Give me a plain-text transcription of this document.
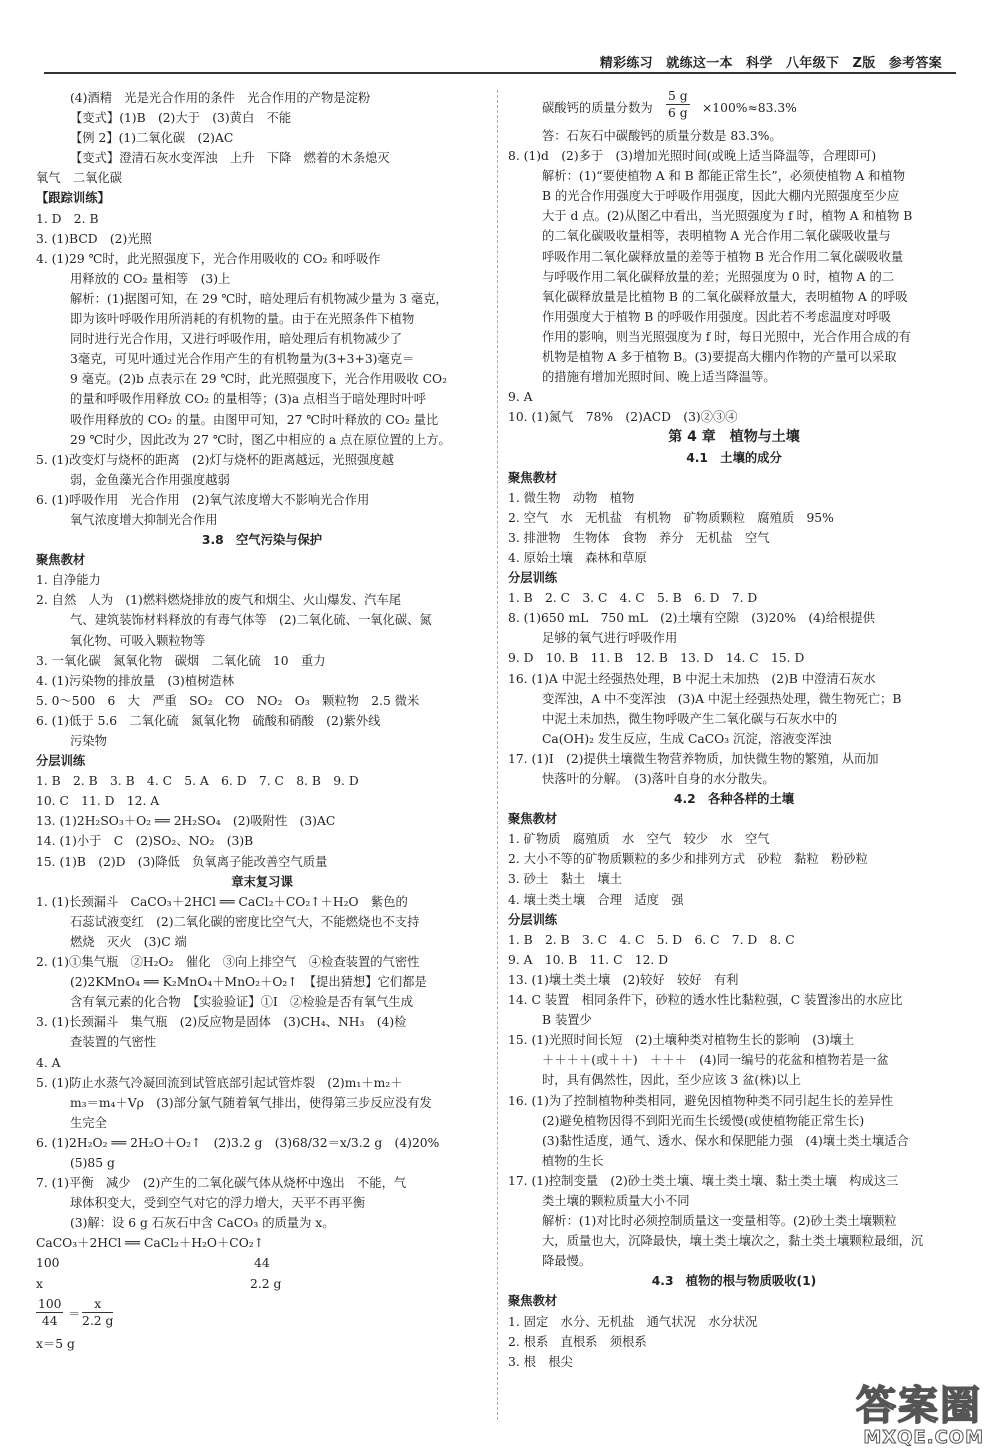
精彩练习　就练这一本　科学　八年级下　Z版　参考答案
(4)酒精　光是光合作用的条件　光合作用的产物是淀粉
【变式】(1)B　(2)大于　(3)黄白　不能
【例 2】(1)二氧化碳　(2)AC
【变式】澄清石灰水变浑浊　上升　下降　燃着的木条熄灭
氧气　二氧化碳
【跟踪训练】
1. D　2. B
3. (1)BCD　(2)光照
4. (1)29 ℃时，此光照强度下，光合作用吸收的 CO₂ 和呼吸作
用释放的 CO₂ 量相等　(3)上
解析：(1)据图可知，在 29 ℃时，暗处理后有机物减少量为 3 毫克，
即为该叶呼吸作用所消耗的有机物的量。由于在光照条件下植物
同时进行光合作用，又进行呼吸作用，暗处理后有机物减少了
3毫克，可见叶通过光合作用产生的有机物量为(3+3+3)毫克＝
9 毫克。(2)b 点表示在 29 ℃时，此光照强度下，光合作用吸收 CO₂
的量和呼吸作用释放 CO₂ 的量相等；(3)a 点相当于暗处理时叶呼
吸作用释放的 CO₂ 的量。由图甲可知，27 ℃时叶释放的 CO₂ 量比
29 ℃时少，因此改为 27 ℃时，图乙中相应的 a 点在原位置的上方。
5. (1)改变灯与烧杯的距离　(2)灯与烧杯的距离越远，光照强度越
弱，金鱼藻光合作用强度越弱
6. (1)呼吸作用　光合作用　(2)氧气浓度增大不影响光合作用
氧气浓度增大抑制光合作用
3.8　空气污染与保护
聚焦教材
1. 自净能力
2. 自然　人为　(1)燃料燃烧排放的废气和烟尘、火山爆发、汽车尾
气、建筑装饰材料释放的有毒气体等　(2)二氧化硫、一氧化碳、氮
氧化物、可吸入颗粒物等
3. 一氧化碳　氮氧化物　碳烟　二氧化硫　10　重力
4. (1)污染物的排放量　(3)植树造林
5. 0～500　6　大　严重　SO₂　CO　NO₂　O₃　颗粒物　2.5 微米
6. (1)低于 5.6　二氧化硫　氮氧化物　硫酸和硝酸　(2)紫外线
污染物
分层训练
1. B　2. B　3. B　4. C　5. A　6. D　7. C　8. B　9. D
10. C　11. D　12. A
13. (1)2H₂SO₃＋O₂ ══ 2H₂SO₄　(2)吸附性　(3)AC
14. (1)小于　C　(2)SO₂、NO₂　(3)B
15. (1)B　(2)D　(3)降低　负氧离子能改善空气质量
章末复习课
1. (1)长颈漏斗　CaCO₃＋2HCl ══ CaCl₂＋CO₂↑＋H₂O　紫色的
石蕊试液变红　(2)二氧化碳的密度比空气大，不能燃烧也不支持
燃烧　灭火　(3)C 端
2. (1)①集气瓶　②H₂O₂　催化　③向上排空气　④检查装置的气密性
(2)2KMnO₄ ══ K₂MnO₄＋MnO₂＋O₂↑　【提出猜想】它们都是
含有氧元素的化合物　【实验验证】①Ⅰ　②检验是否有氧气生成
3. (1)长颈漏斗　集气瓶　(2)反应物是固体　(3)CH₄、NH₃　(4)检
查装置的气密性
4. A
5. (1)防止水蒸气冷凝回流到试管底部引起试管炸裂　(2)m₁＋m₂＋
m₃＝m₄＋Vρ　(3)部分氯气随着氧气排出，使得第三步反应没有发
生完全
6. (1)2H₂O₂ ══ 2H₂O＋O₂↑　(2)3.2 g　(3)68/32＝x/3.2 g　(4)20%
(5)85 g
7. (1)平衡　减少　(2)产生的二氧化碳气体从烧杯中逸出　不能，气
球体积变大，受到空气对它的浮力增大，天平不再平衡
(3)解：设 6 g 石灰石中含 CaCO₃ 的质量为 x。
CaCO₃＋2HCl ══ CaCl₂＋H₂O＋CO₂↑
100	44
x	2.2 g
$\frac{100}{44} = \frac{x}{2.2 g}$
x＝5 g
碳酸钙的质量分数为 $\frac{5 g}{6 g} \times 100\%\approx 83.3\%$
答：石灰石中碳酸钙的质量分数是 83.3%。
8. (1)d　(2)多于　(3)增加光照时间(或晚上适当降温等，合理即可)
解析：(1)“要使植物 A 和 B 都能正常生长”，必须使植物 A 和植物
B 的光合作用强度大于呼吸作用强度，因此大棚内光照强度至少应
大于 d 点。(2)从图乙中看出，当光照强度为 f 时，植物 A 和植物 B
的二氧化碳吸收量相等，表明植物 A 光合作用二氧化碳吸收量与
呼吸作用二氧化碳释放量的差等于植物 B 光合作用二氧化碳吸收量
与呼吸作用二氧化碳释放量的差；光照强度为 0 时，植物 A 的二
氧化碳释放量是比植物 B 的二氧化碳释放量大，表明植物 A 的呼吸
作用强度大于植物 B 的呼吸作用强度。因此若不考虑温度对呼吸
作用的影响，则当光照强度为 f 时，每日光照中，光合作用合成的有
机物是植物 A 多于植物 B。(3)要提高大棚内作物的产量可以采取
的措施有增加光照时间、晚上适当降温等。
9. A
10. (1)氮气　78%　(2)ACD　(3)②③④
第 4 章　植物与土壤
4.1　土壤的成分
聚焦教材
1. 微生物　动物　植物
2. 空气　水　无机盐　有机物　矿物质颗粒　腐殖质　95%
3. 排泄物　生物体　食物　养分　无机盐　空气
4. 原始土壤　森林和草原
分层训练
1. B　2. C　3. C　4. C　5. B　6. D　7. D
8. (1)650 mL　750 mL　(2)土壤有空隙　(3)20%　(4)给根提供
足够的氧气进行呼吸作用
9. D　10. B　11. B　12. B　13. D　14. C　15. D
16. (1)A 中泥土经强热处理，B 中泥土未加热　(2)B 中澄清石灰水
变浑浊，A 中不变浑浊　(3)A 中泥土经强热处理，微生物死亡；B
中泥土未加热，微生物呼吸产生二氧化碳与石灰水中的
Ca(OH)₂ 发生反应，生成 CaCO₃ 沉淀，溶液变浑浊
17. (1)Ⅰ　(2)提供土壤微生物营养物质，加快微生物的繁殖，从而加
快落叶的分解。　(3)落叶自身的水分散失。
4.2　各种各样的土壤
聚焦教材
1. 矿物质　腐殖质　水　空气　较少　水　空气
2. 大小不等的矿物质颗粒的多少和排列方式　砂粒　黏粒　粉砂粒
3. 砂土　黏土　壤土
4. 壤土类土壤　合理　适度　强
分层训练
1. B　2. B　3. C　4. C　5. D　6. C　7. D　8. C
9. A　10. B　11. C　12. D
13. (1)壤土类土壤　(2)较好　较好　有利
14. C 装置　相同条件下，砂粒的透水性比黏粒强，C 装置渗出的水应比
B 装置少
15. (1)光照时间长短　(2)土壤种类对植物生长的影响　(3)壤土
＋＋＋＋(或＋＋)　＋＋＋　(4)同一编号的花盆和植物若是一盆
时，具有偶然性，因此，至少应该 3 盆(株)以上
16. (1)为了控制植物种类相同，避免因植物种类不同引起生长的差异性
(2)避免植物因得不到阳光而生长缓慢(或使植物能正常生长)
(3)黏性适度，通气、透水、保水和保肥能力强　(4)壤土类土壤适合
植物的生长
17. (1)控制变量　(2)砂土类土壤、壤土类土壤、黏土类土壤　构成这三
类土壤的颗粒质量大小不同
解析：(1)对比时必须控制质量这一变量相等。(2)砂土类土壤颗粒
大，质量也大，沉降最快，壤土类土壤次之，黏土类土壤颗粒最细，沉
降最慢。
4.3　植物的根与物质吸收(1)
聚焦教材
1. 固定　水分、无机盐　通气状况　水分状况
2. 根系　直根系　须根系
3. 根　根尖
答案圈
MXQE.COM
